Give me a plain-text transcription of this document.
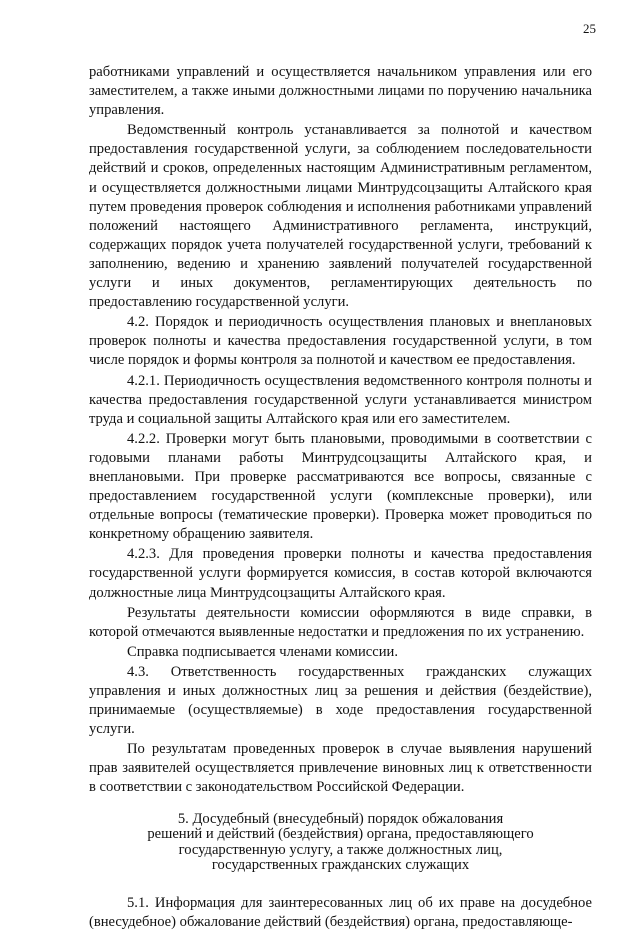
25

работниками управлений и осуществляется начальником управления или его заместителем, а также иными должностными лицами по поручению начальника управления.

Ведомственный контроль устанавливается за полнотой и качеством предоставления государственной услуги, за соблюдением последовательности действий и сроков, определенных настоящим Административным регламентом, и осуществляется должностными лицами Минтрудсоцзащиты Алтайского края путем проведения проверок соблюдения и исполнения работниками управлений положений настоящего Административного регламента, инструкций, содержащих порядок учета получателей государственной услуги, требований к заполнению, ведению и хранению заявлений получателей государственной услуги и иных документов, регламентирующих деятельность по предоставлению государственной услуги.

4.2. Порядок и периодичность осуществления плановых и внеплановых проверок полноты и качества предоставления государственной услуги, в том числе порядок и формы контроля за полнотой и качеством ее предоставления.

4.2.1. Периодичность осуществления ведомственного контроля полноты и качества предоставления государственной услуги устанавливается министром труда и социальной защиты Алтайского края или его заместителем.

4.2.2. Проверки могут быть плановыми, проводимыми в соответствии с годовыми планами работы Минтрудсоцзащиты Алтайского края, и внеплановыми. При проверке рассматриваются все вопросы, связанные с предоставлением государственной услуги (комплексные проверки), или отдельные вопросы (тематические проверки). Проверка может проводиться по конкретному обращению заявителя.

4.2.3. Для проведения проверки полноты и качества предоставления государственной услуги формируется комиссия, в состав которой включаются должностные лица Минтрудсоцзащиты Алтайского края.

Результаты деятельности комиссии оформляются в виде справки, в которой отмечаются выявленные недостатки и предложения по их устранению.

Справка подписывается членами комиссии.

4.3. Ответственность государственных гражданских служащих управления и иных должностных лиц за решения и действия (бездействие), принимаемые (осуществляемые) в ходе предоставления государственной услуги.

По результатам проведенных проверок в случае выявления нарушений прав заявителей осуществляется привлечение виновных лиц к ответственности в соответствии с законодательством Российской Федерации.

5. Досудебный (внесудебный) порядок обжалования
решений и действий (бездействия) органа, предоставляющего
государственную услугу, а также должностных лиц,
государственных гражданских служащих

5.1. Информация для заинтересованных лиц об их праве на досудебное (внесудебное) обжалование действий (бездействия) органа, предоставляюще-
